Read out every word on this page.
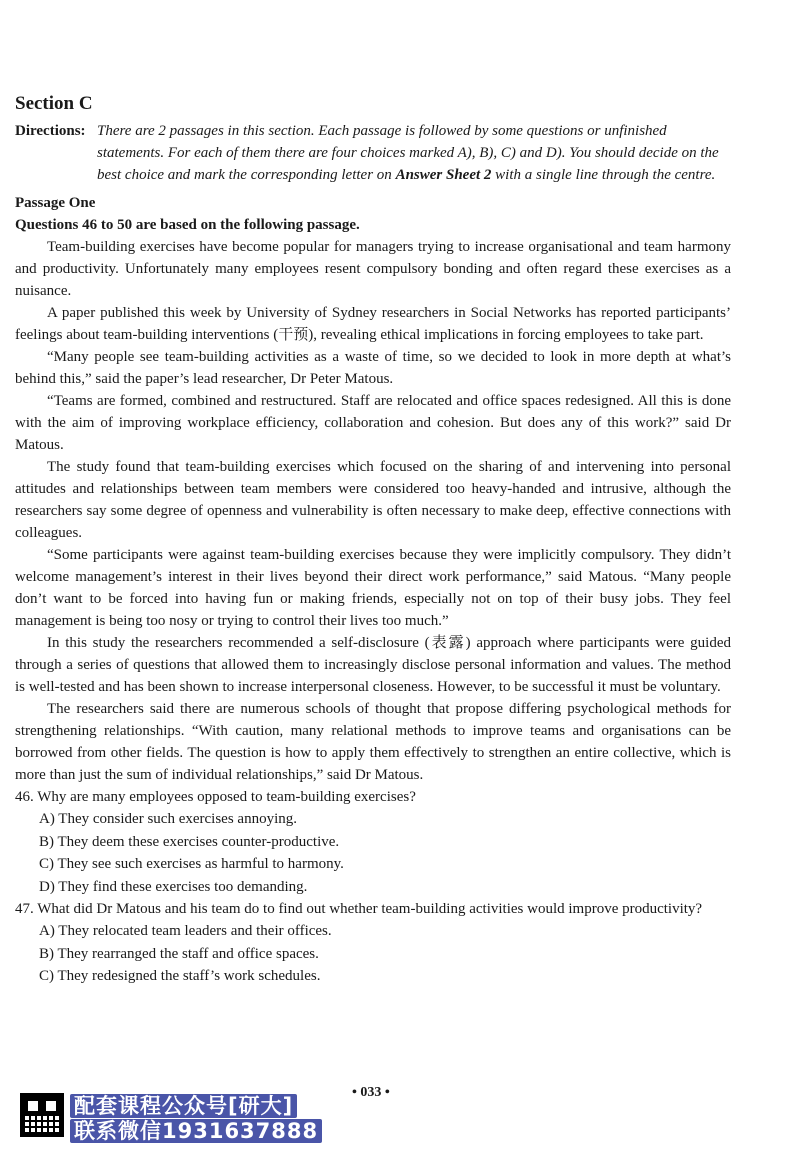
Section C
Directions: There are 2 passages in this section. Each passage is followed by some questions or unfinished statements. For each of them there are four choices marked A), B), C) and D). You should decide on the best choice and mark the corresponding letter on Answer Sheet 2 with a single line through the centre.
Passage One
Questions 46 to 50 are based on the following passage.

Team-building exercises have become popular for managers trying to increase organisational and team harmony and productivity. Unfortunately many employees resent compulsory bonding and often regard these exercises as a nuisance.

A paper published this week by University of Sydney researchers in Social Networks has reported participants’ feelings about team-building interventions (干预), revealing ethical implications in forcing employees to take part.

“Many people see team-building activities as a waste of time, so we decided to look in more depth at what’s behind this,” said the paper’s lead researcher, Dr Peter Matous.

“Teams are formed, combined and restructured. Staff are relocated and office spaces redesigned. All this is done with the aim of improving workplace efficiency, collaboration and cohesion. But does any of this work?” said Dr Matous.

The study found that team-building exercises which focused on the sharing of and intervening into personal attitudes and relationships between team members were considered too heavy-handed and intrusive, although the researchers say some degree of openness and vulnerability is often necessary to make deep, effective connections with colleagues.

“Some participants were against team-building exercises because they were implicitly compulsory. They didn’t welcome management’s interest in their lives beyond their direct work performance,” said Matous. “Many people don’t want to be forced into having fun or making friends, especially not on top of their busy jobs. They feel management is being too nosy or trying to control their lives too much.”

In this study the researchers recommended a self-disclosure (表露) approach where participants were guided through a series of questions that allowed them to increasingly disclose personal information and values. The method is well-tested and has been shown to increase interpersonal closeness. However, to be successful it must be voluntary.

The researchers said there are numerous schools of thought that propose differing psychological methods for strengthening relationships. “With caution, many relational methods to improve teams and organisations can be borrowed from other fields. The question is how to apply them effectively to strengthen an entire collective, which is more than just the sum of individual relationships,” said Dr Matous.

46. Why are many employees opposed to team-building exercises?
A) They consider such exercises annoying.
B) They deem these exercises counter-productive.
C) They see such exercises as harmful to harmony.
D) They find these exercises too demanding.
47. What did Dr Matous and his team do to find out whether team-building activities would improve productivity?
A) They relocated team leaders and their offices.
B) They rearranged the staff and office spaces.
C) They redesigned the staff’s work schedules.
• 033 •
配套课程公众号[研大]
联系微信1931637888
